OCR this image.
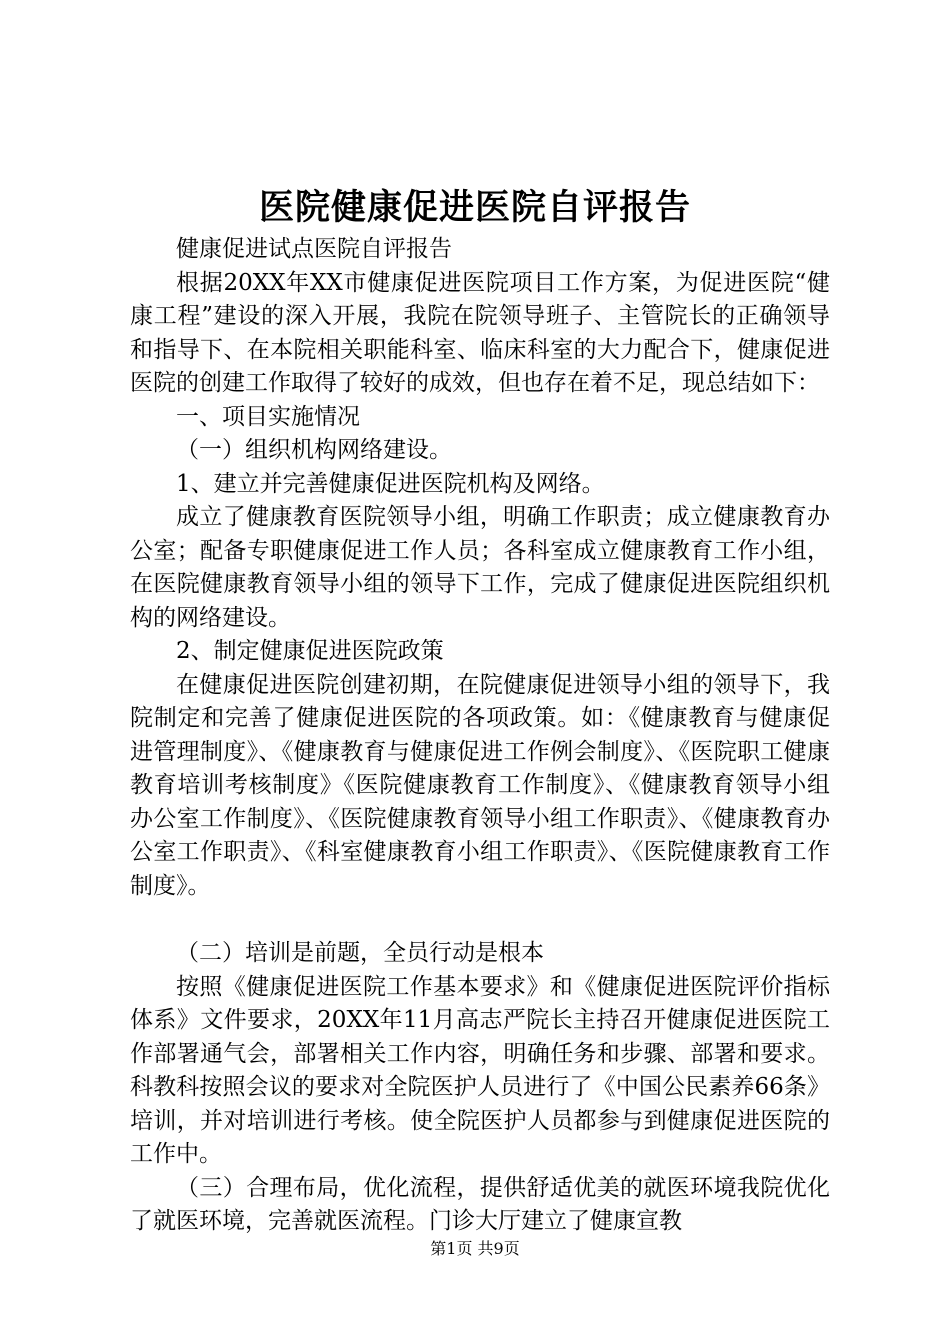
医院健康促进医院自评报告

健康促进试点医院自评报告

根据20XX年XX市健康促进医院项目工作方案，为促进医院“健康工程”建设的深入开展，我院在院领导班子、主管院长的正确领导和指导下、在本院相关职能科室、临床科室的大力配合下，健康促进医院的创建工作取得了较好的成效，但也存在着不足，现总结如下：

一、项目实施情况

（一）组织机构网络建设。

1、建立并完善健康促进医院机构及网络。

成立了健康教育医院领导小组，明确工作职责；成立健康教育办公室；配备专职健康促进工作人员；各科室成立健康教育工作小组，在医院健康教育领导小组的领导下工作，完成了健康促进医院组织机构的网络建设。

2、制定健康促进医院政策

在健康促进医院创建初期，在院健康促进领导小组的领导下，我院制定和完善了健康促进医院的各项政策。如：《健康教育与健康促进管理制度》、《健康教育与健康促进工作例会制度》、《医院职工健康教育培训考核制度》《医院健康教育工作制度》、《健康教育领导小组办公室工作制度》、《医院健康教育领导小组工作职责》、《健康教育办公室工作职责》、《科室健康教育小组工作职责》、《医院健康教育工作制度》。

（二）培训是前题，全员行动是根本

按照《健康促进医院工作基本要求》和《健康促进医院评价指标体系》文件要求，20XX年11月高志严院长主持召开健康促进医院工作部署通气会，部署相关工作内容，明确任务和步骤、部署和要求。科教科按照会议的要求对全院医护人员进行了《中国公民素养66条》培训，并对培训进行考核。使全院医护人员都参与到健康促进医院的工作中。

（三）合理布局，优化流程，提供舒适优美的就医环境我院优化了就医环境，完善就医流程。门诊大厅建立了健康宣教

第1页 共9页
